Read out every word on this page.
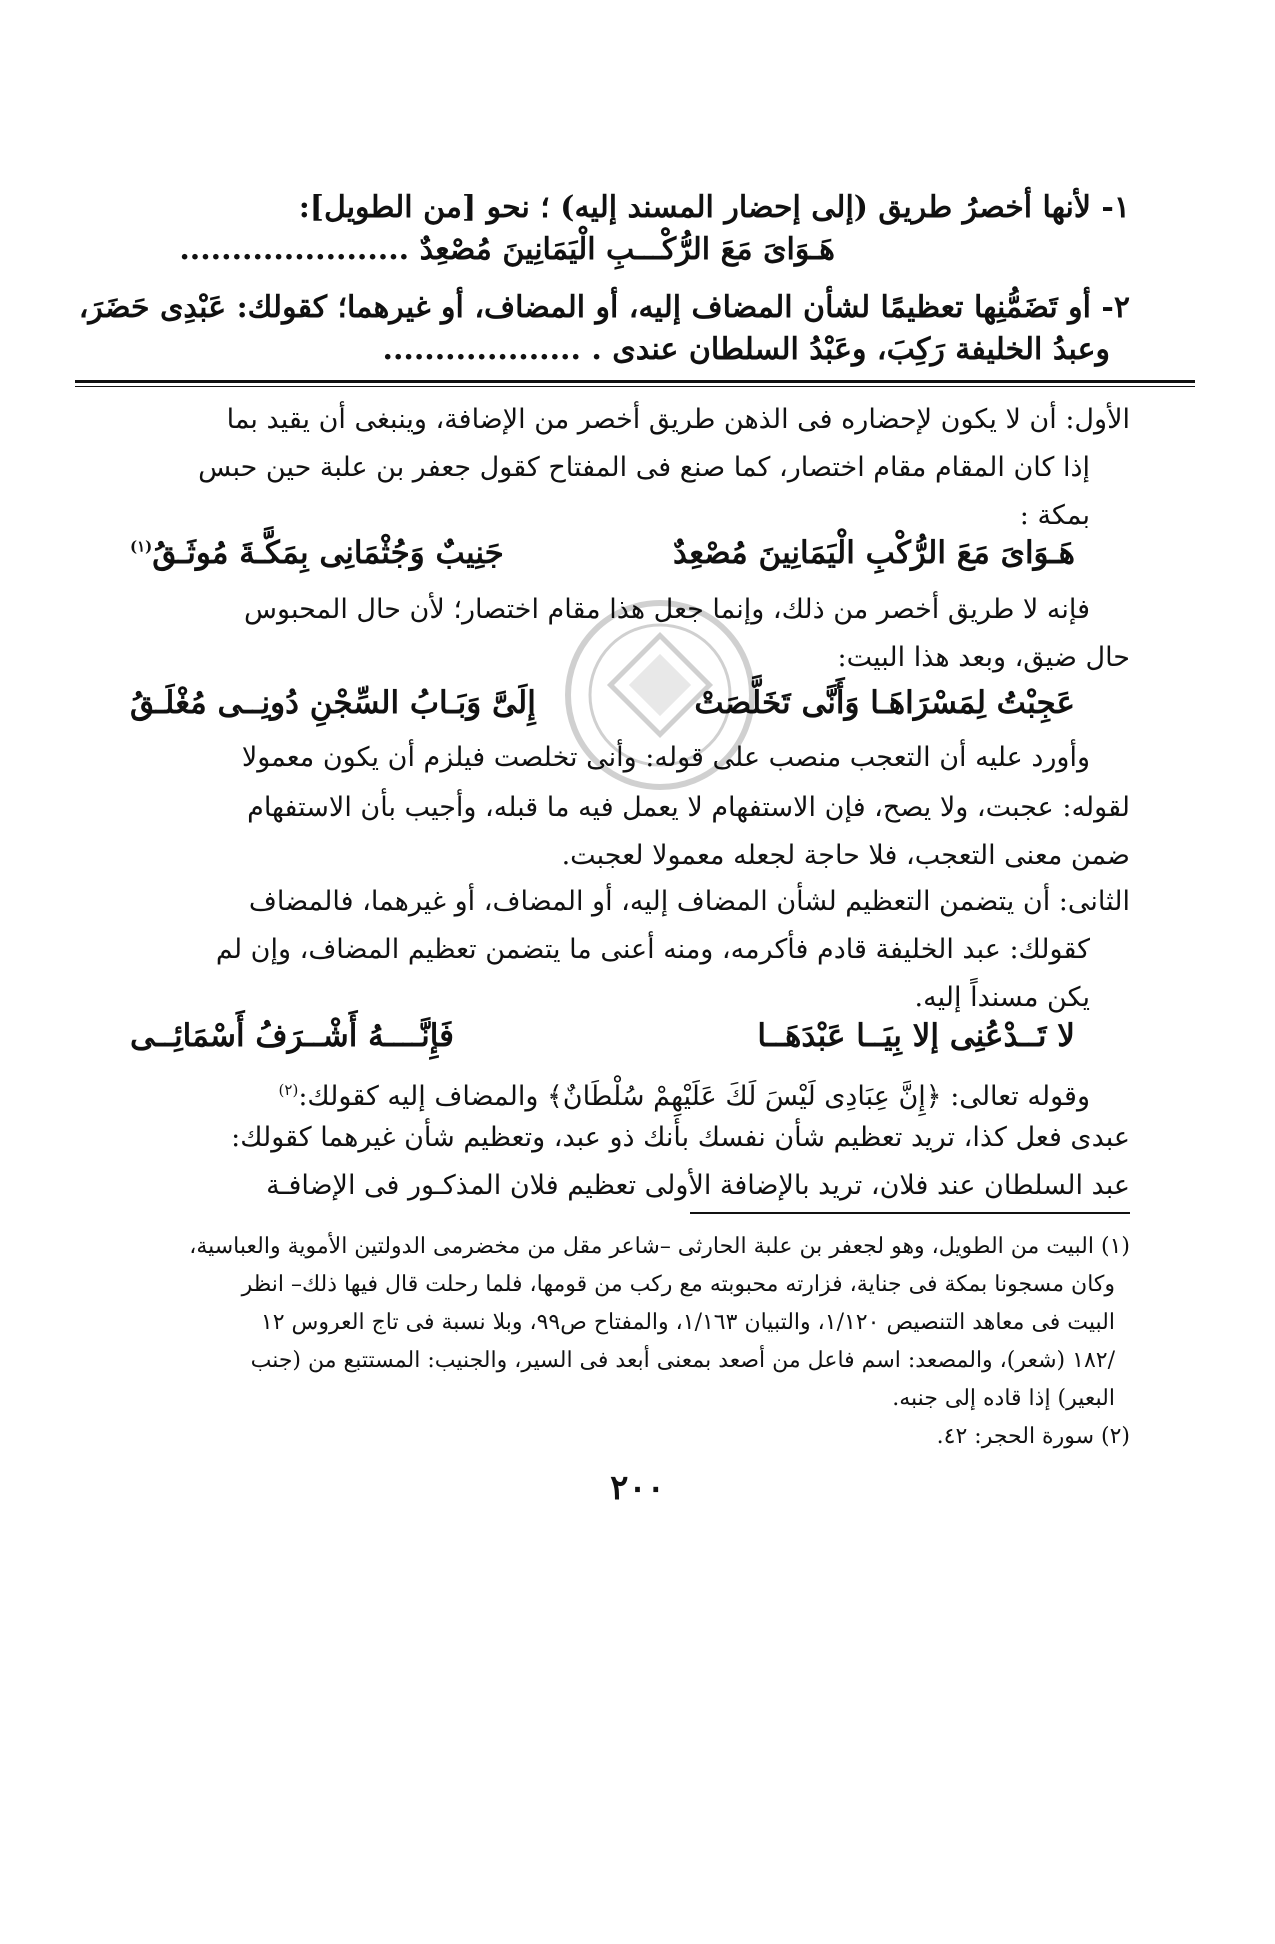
١- لأنها أخصرُ طريق (إلى إحضار المسند إليه) ؛ نحو [من الطويل]:
هَـوَاىَ مَعَ الرُّكْـــبِ الْيَمَانِينَ مُصْعِدٌ ......................
٢- أو تَضَمُّنِها تعظيمًا لشأن المضاف إليه، أو المضاف، أو غيرهما؛ كقولك: عَبْدِى حَضَرَ،
وعبدُ الخليفة رَكِبَ، وعَبْدُ السلطان عندى . ...................
الأول: أن لا يكون لإحضاره فى الذهن طريق أخصر من الإضافة، وينبغى أن يقيد بما
إذا كان المقام مقام اختصار، كما صنع فى المفتاح كقول جعفر بن علبة حين حبس
بمكة :
هَـوَاىَ مَعَ الرُّكْبِ الْيَمَانِينَ مُصْعِدٌ
جَنِيبٌ وَجُثْمَانِى بِمَكَّـةَ مُوثَـقُ$^{(١)}$
فإنه لا طريق أخصر من ذلك، وإنما جعل هذا مقام اختصار؛ لأن حال المحبوس
حال ضيق، وبعد هذا البيت:
عَجِبْتُ لِمَسْرَاهَـا وَأَنَّى تَخَلَّصَتْ
إِلَىَّ وَبَـابُ السِّجْنِ دُونِــى مُغْلَـقُ
وأورد عليه أن التعجب منصب على قوله: وأنى تخلصت فيلزم أن يكون معمولا
لقوله: عجبت، ولا يصح، فإن الاستفهام لا يعمل فيه ما قبله، وأجيب بأن الاستفهام
ضمن معنى التعجب، فلا حاجة لجعله معمولا لعجبت.
الثانى: أن يتضمن التعظيم لشأن المضاف إليه، أو المضاف، أو غيرهما، فالمضاف
كقولك: عبد الخليفة قادم فأكرمه، ومنه أعنى ما يتضمن تعظيم المضاف، وإن لم
يكن مسنداً إليه.
لا تَــدْعُنِى إلا بِيَــا عَبْدَهَــا
فَإِنَّــــهُ أَشْــرَفُ أَسْمَائِــى
وقوله تعالى: ﴿إِنَّ عِبَادِى لَيْسَ لَكَ عَلَيْهِمْ سُلْطَانٌ﴾ والمضاف إليه كقولك:$^{(٢)}$
عبدى فعل كذا، تريد تعظيم شأن نفسك بأنك ذو عبد، وتعظيم شأن غيرهما كقولك:
عبد السلطان عند فلان، تريد بالإضافة الأولى تعظيم فلان المذكـور فى الإضافـة
(١) البيت من الطويل، وهو لجعفر بن علبة الحارثى –شاعر مقل من مخضرمى الدولتين الأموية والعباسية،
وكان مسجونا بمكة فى جناية، فزارته محبوبته مع ركب من قومها، فلما رحلت قال فيها ذلك– انظر
البيت فى معاهد التنصيص ١/١٢٠، والتبيان ١/١٦٣، والمفتاح ص٩٩، وبلا نسبة فى تاج العروس ١٢
/١٨٢ (شعر)، والمصعد: اسم فاعل من أصعد بمعنى أبعد فى السير، والجنيب: المستتبع من (جنب
البعير) إذا قاده إلى جنبه.
(٢) سورة الحجر: ٤٢.
٢٠٠
